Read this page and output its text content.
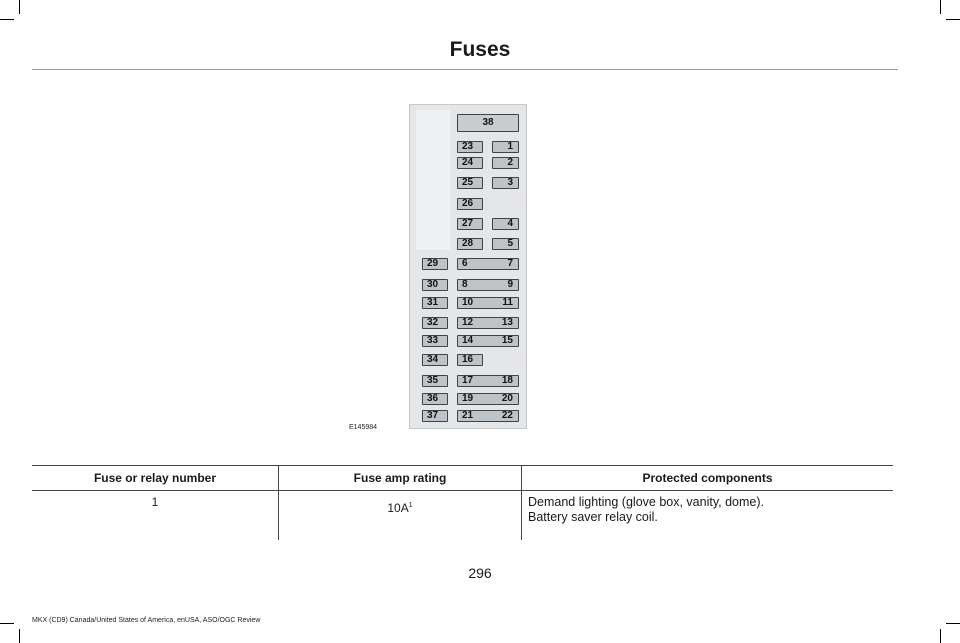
Fuses
38
23	1
24	2
25	3
26
27	4
28	5
29 6	7
30 8	9
31 10	11
32 12	13
33 14	15
34 16
35 17	18
36 19	20
37 21	22
E145984
Fuse or relay number	Fuse amp rating	Protected components
1	$10A^1$	Demand lighting (glove box, vanity, dome).
Battery saver relay coil.
296
MKX (CD9) Canada/United States of America, enUSA, ASO/OGC Review
